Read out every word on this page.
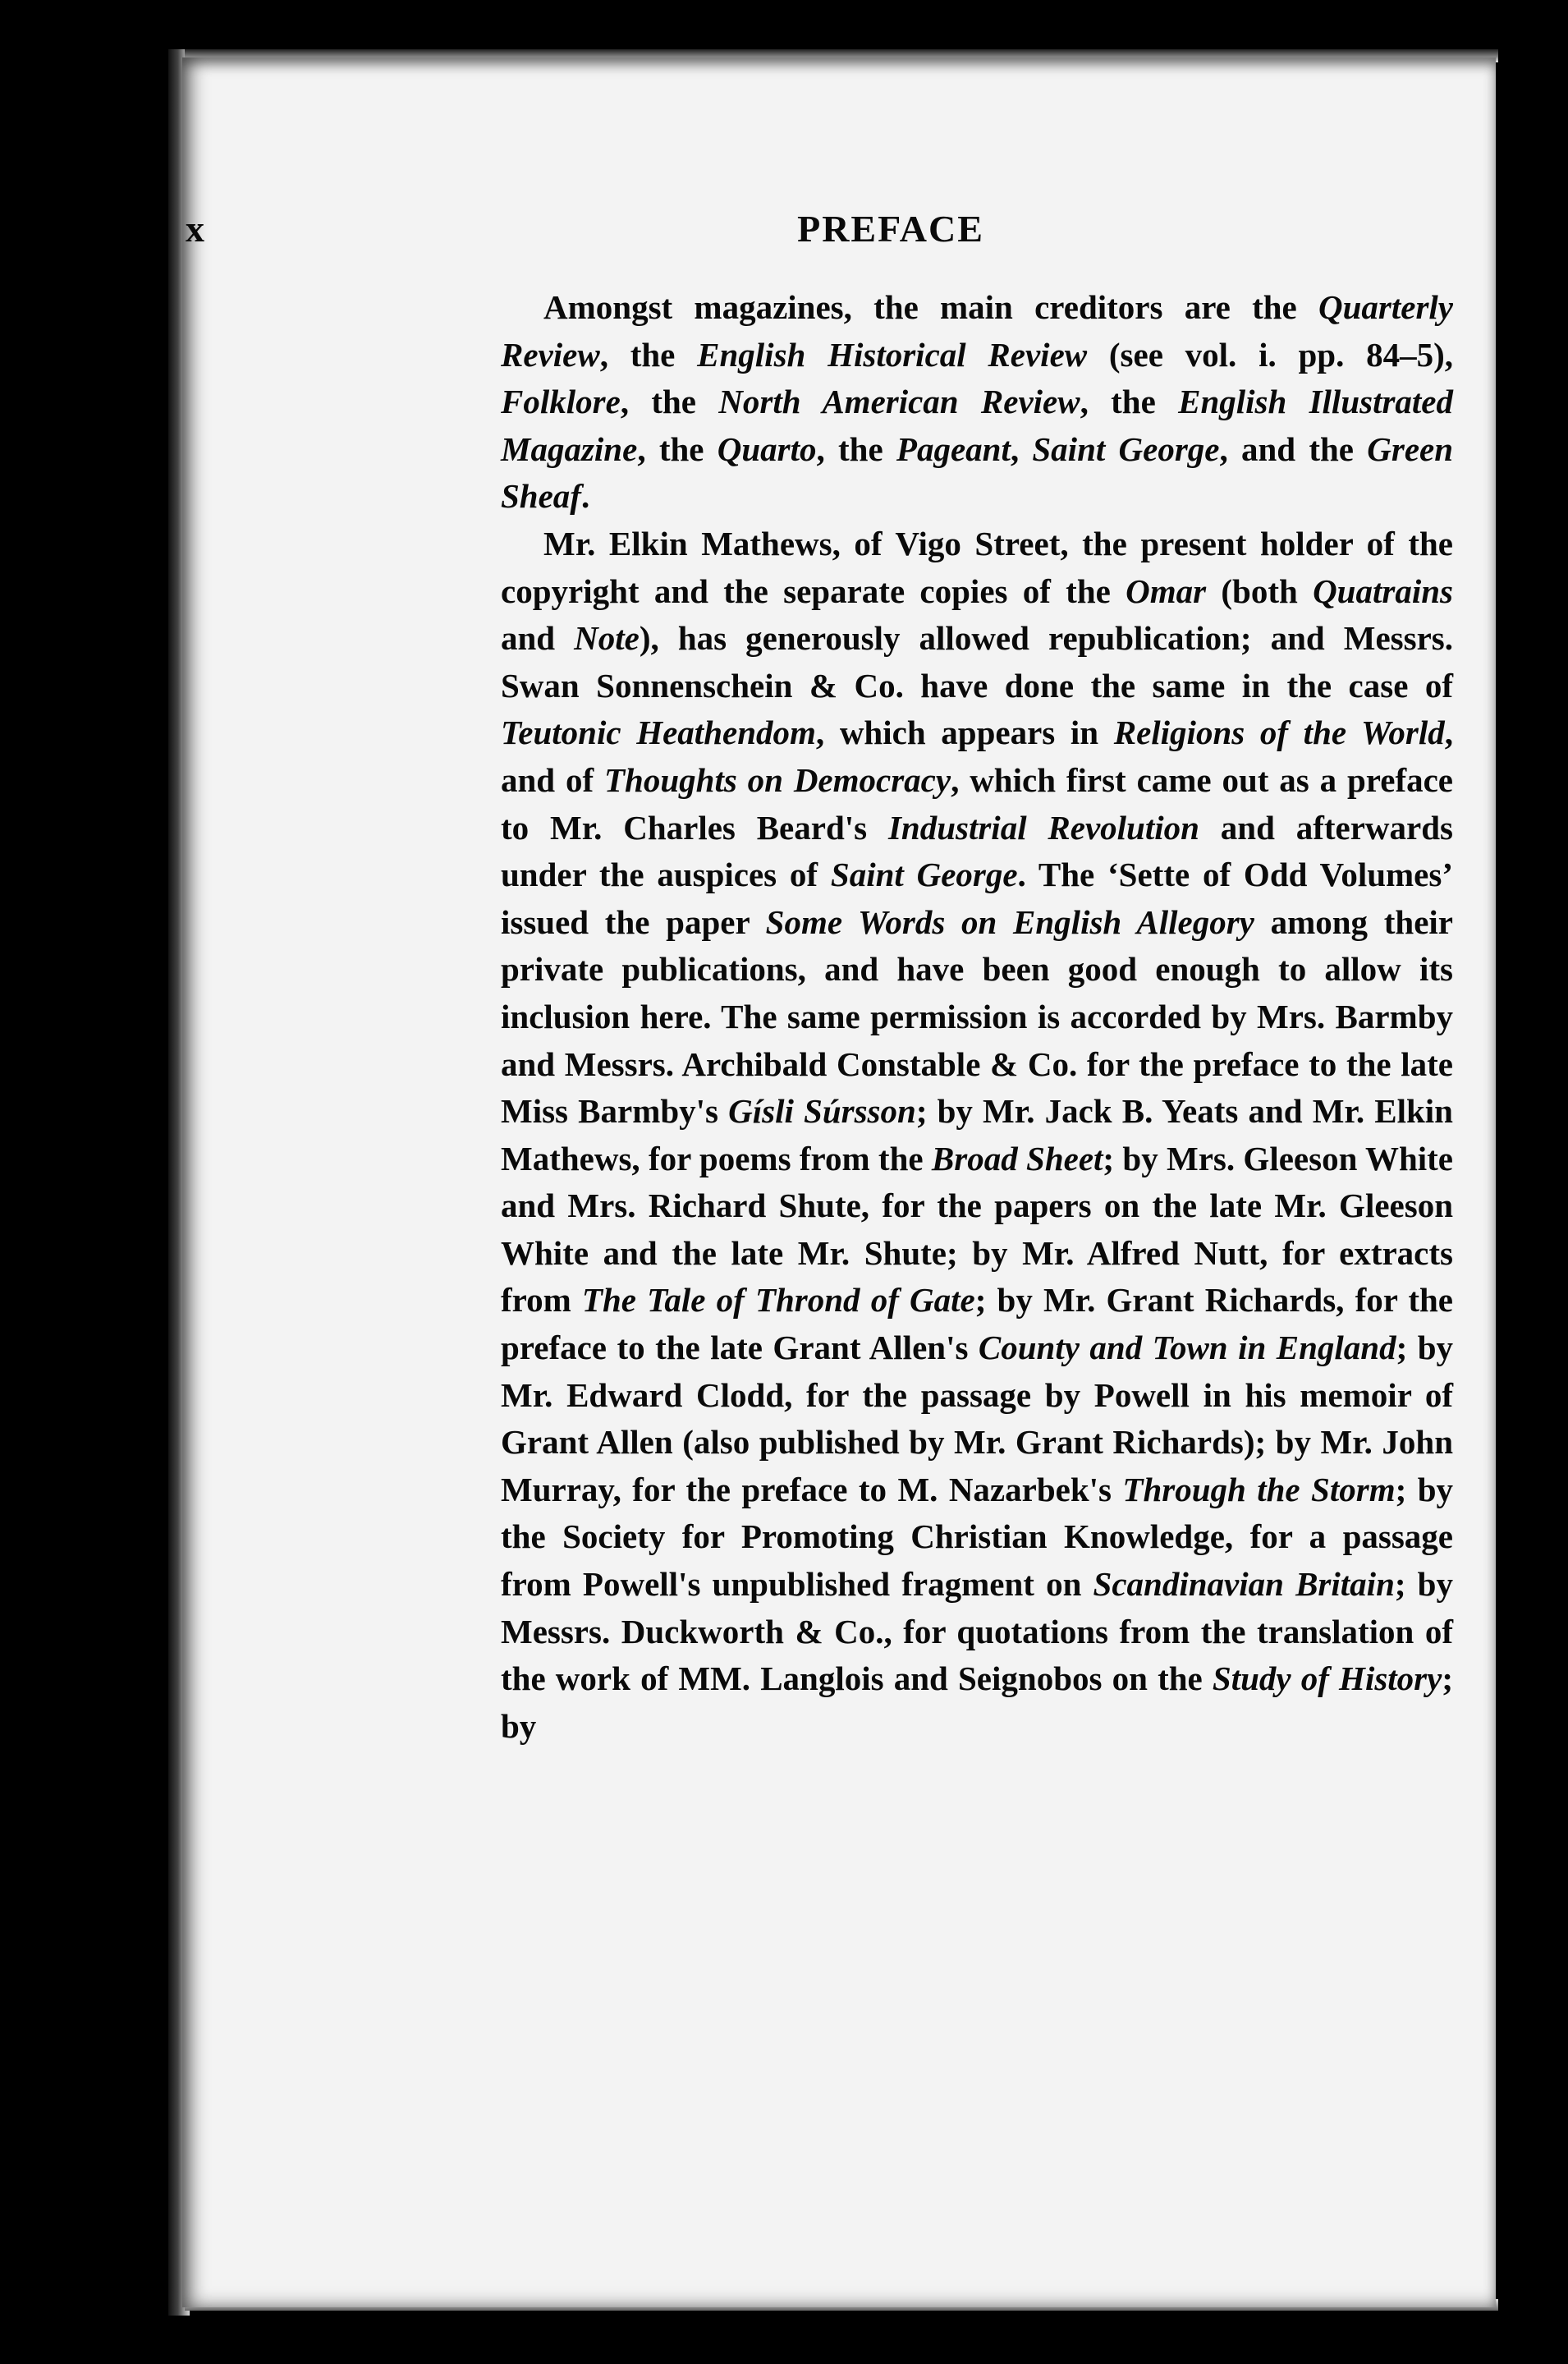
x	PREFACE

Amongst magazines, the main creditors are the Quarterly Review, the English Historical Review (see vol. i. pp. 84–5), Folklore, the North American Review, the English Illustrated Magazine, the Quarto, the Pageant, Saint George, and the Green Sheaf.

Mr. Elkin Mathews, of Vigo Street, the present holder of the copyright and the separate copies of the Omar (both Quatrains and Note), has generously allowed republication; and Messrs. Swan Sonnenschein & Co. have done the same in the case of Teutonic Heathendom, which appears in Religions of the World, and of Thoughts on Democracy, which first came out as a preface to Mr. Charles Beard's Industrial Revolution and afterwards under the auspices of Saint George. The ‘Sette of Odd Volumes’ issued the paper Some Words on English Allegory among their private publications, and have been good enough to allow its inclusion here. The same permission is accorded by Mrs. Barmby and Messrs. Archibald Constable & Co. for the preface to the late Miss Barmby's Gísli Súrsson; by Mr. Jack B. Yeats and Mr. Elkin Mathews, for poems from the Broad Sheet; by Mrs. Gleeson White and Mrs. Richard Shute, for the papers on the late Mr. Gleeson White and the late Mr. Shute; by Mr. Alfred Nutt, for extracts from The Tale of Thrond of Gate; by Mr. Grant Richards, for the preface to the late Grant Allen's County and Town in England; by Mr. Edward Clodd, for the passage by Powell in his memoir of Grant Allen (also published by Mr. Grant Richards); by Mr. John Murray, for the preface to M. Nazarbek's Through the Storm; by the Society for Promoting Christian Knowledge, for a passage from Powell's unpublished fragment on Scandinavian Britain; by Messrs. Duckworth & Co., for quotations from the translation of the work of MM. Langlois and Seignobos on the Study of History; by
